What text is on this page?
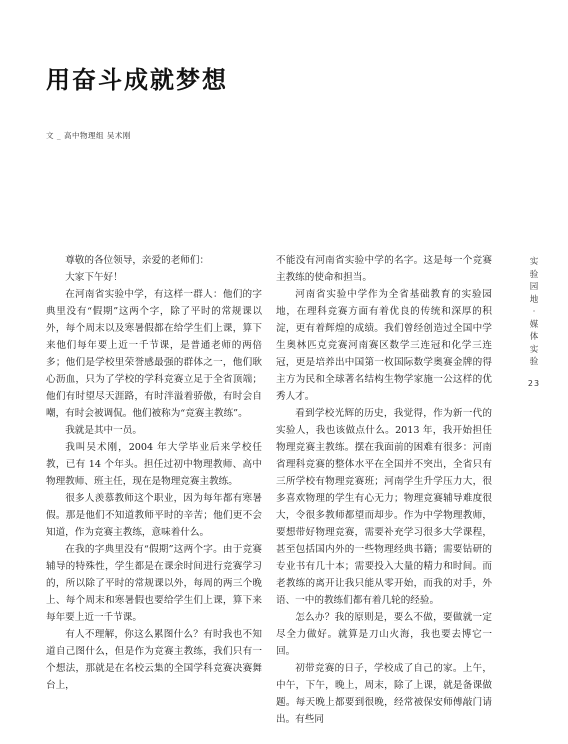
用奋斗成就梦想
文 _ 高中物理组 吴术刚

尊敬的各位领导，亲爱的老师们：

大家下午好！

在河南省实验中学，有这样一群人：他们的字典里没有“假期”这两个字，除了平时的常规课以外，每个周末以及寒暑假都在给学生们上课，算下来他们每年要上近一千节课，是普通老师的两倍多；他们是学校里荣誉感最强的群体之一，他们耿心沥血，只为了学校的学科竞赛立足于全省顶端；他们有时望尽天涯路，有时泮溢着骄傲，有时会自嘲，有时会被调侃。他们被称为“竞赛主教练”。

我就是其中一员。

我叫吴术刚，2004 年大学毕业后来学校任教，已有 14 个年头。担任过初中物理教师、高中物理教师、班主任，现在是物理竞赛主教练。

很多人羡慕教师这个职业，因为每年都有寒暑假。那是他们不知道教师平时的辛苦；他们更不会知道，作为竞赛主教练，意味着什么。

在我的字典里没有“假期”这两个字。由于竞赛辅导的特殊性，学生都是在课余时间进行竞赛学习的，所以除了平时的常规课以外，每周的两三个晚上、每个周末和寒暑假也要给学生们上课，算下来每年要上近一千节课。

有人不理解，你这么累图什么？有时我也不知道自己图什么，但是作为竞赛主教练，我们只有一个想法，那就是在名校云集的全国学科竞赛决赛舞台上，

不能没有河南省实验中学的名字。这是每一个竞赛主教练的使命和担当。

河南省实验中学作为全省基础教育的实验园地，在理科竞赛方面有着优良的传统和深厚的积淀，更有着辉煌的成绩。我们曾经创造过全国中学生奥林匹克竞赛河南赛区数学三连冠和化学三连冠，更是培养出中国第一枚国际数学奥赛金牌的得主方为民和全球著名结构生物学家施一公这样的优秀人才。

看到学校光辉的历史，我觉得，作为新一代的实验人，我也该做点什么。2013 年，我开始担任物理竞赛主教练。摆在我面前的困难有很多：河南省理科竞赛的整体水平在全国并不突出，全省只有三所学校有物理竞赛班；河南学生升学压力大，很多喜欢物理的学生有心无力；物理竞赛辅导难度很大，令很多教师都望而却步。作为中学物理教师，要想带好物理竞赛，需要补充学习很多大学课程，甚至包括国内外的一些物理经典书籍；需要钻研的专业书有几十本；需要投入大量的精力和时间。而老教练的离开让我只能从零开始，而我的对手，外语、一中的教练们都有着几轮的经验。

怎么办？我的原则是，要么不做，要做就一定尽全力做好。就算是刀山火海，我也要去博它一回。

初带竞赛的日子，学校成了自己的家。上午，中午，下午，晚上，周末，除了上课，就是备课做题。每天晚上都要到很晚，经常被保安师傅敲门请出。有些同

实
验
园
地
·
媒
体
实
验
23
